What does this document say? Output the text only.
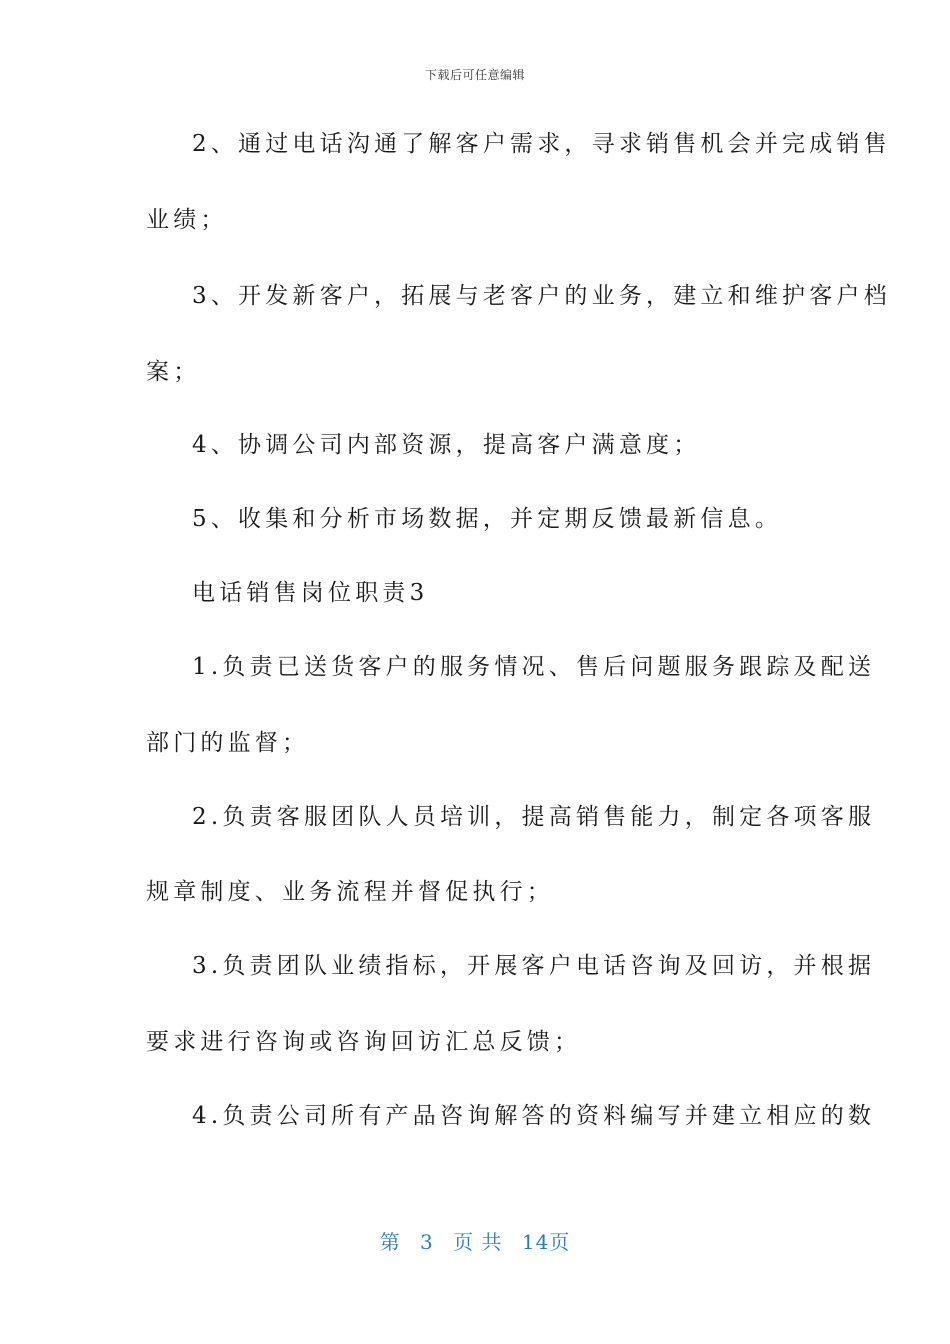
下载后可任意编辑
2、通过电话沟通了解客户需求，寻求销售机会并完成销售
业绩；
3、开发新客户，拓展与老客户的业务，建立和维护客户档
案；
4、协调公司内部资源，提高客户满意度；
5、收集和分析市场数据，并定期反馈最新信息。
电话销售岗位职责3
1.负责已送货客户的服务情况、售后问题服务跟踪及配送
部门的监督；
2.负责客服团队人员培训，提高销售能力，制定各项客服
规章制度、业务流程并督促执行；
3.负责团队业绩指标，开展客户电话咨询及回访，并根据
要求进行咨询或咨询回访汇总反馈；
4.负责公司所有产品咨询解答的资料编写并建立相应的数
第 3 页 共 14页
